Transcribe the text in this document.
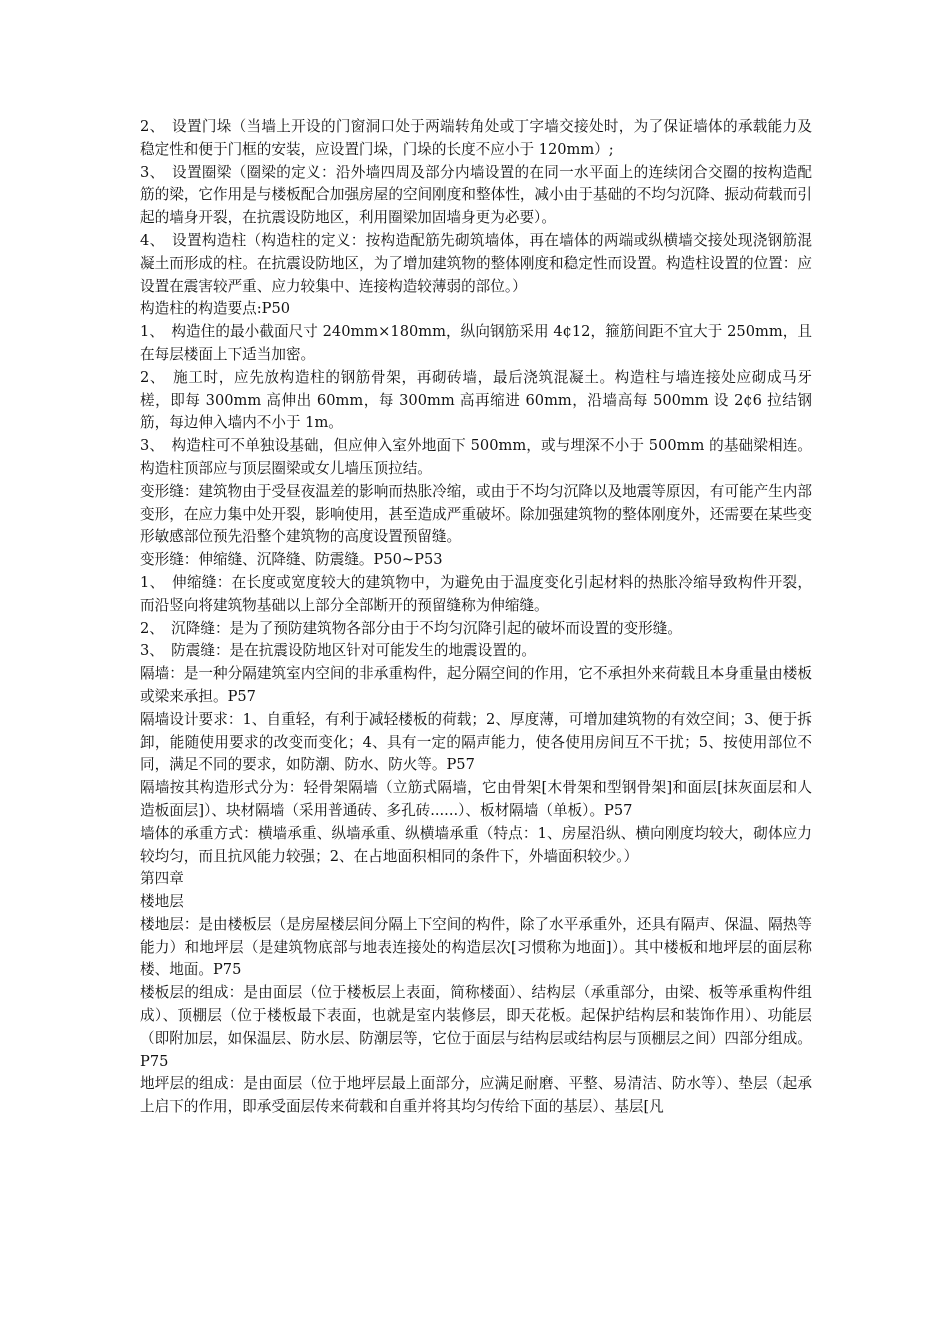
2、　设置门垛（当墙上开设的门窗洞口处于两端转角处或丁字墙交接处时，为了保证墙体的承载能力及稳定性和便于门框的安装，应设置门垛，门垛的长度不应小于 120mm）;

3、　设置圈梁（圈梁的定义：沿外墙四周及部分内墙设置的在同一水平面上的连续闭合交圈的按构造配筋的梁，它作用是与楼板配合加强房屋的空间刚度和整体性，减小由于基础的不均匀沉降、振动荷载而引起的墙身开裂，在抗震设防地区，利用圈梁加固墙身更为必要）。

4、　设置构造柱（构造柱的定义：按构造配筋先砌筑墙体，再在墙体的两端或纵横墙交接处现浇钢筋混凝土而形成的柱。在抗震设防地区，为了增加建筑物的整体刚度和稳定性而设置。构造柱设置的位置：应设置在震害较严重、应力较集中、连接构造较薄弱的部位。）

构造柱的构造要点:P50

1、　构造住的最小截面尺寸 240mm×180mm，纵向钢筋采用 4¢12，箍筋间距不宜大于 250mm，且在每层楼面上下适当加密。

2、　施工时，应先放构造柱的钢筋骨架，再砌砖墙，最后浇筑混凝土。构造柱与墙连接处应砌成马牙槎，即每 300mm 高伸出 60mm，每 300mm 高再缩进 60mm，沿墙高每 500mm 设 2¢6 拉结钢筋，每边伸入墙内不小于 1m。

3、　构造柱可不单独设基础，但应伸入室外地面下 500mm，或与埋深不小于 500mm 的基础梁相连。构造柱顶部应与顶层圈梁或女儿墙压顶拉结。

变形缝：建筑物由于受昼夜温差的影响而热胀冷缩，或由于不均匀沉降以及地震等原因，有可能产生内部变形，在应力集中处开裂，影响使用，甚至造成严重破坏。除加强建筑物的整体刚度外，还需要在某些变形敏感部位预先沿整个建筑物的高度设置预留缝。

变形缝：伸缩缝、沉降缝、防震缝。P50~P53

1、　伸缩缝：在长度或宽度较大的建筑物中，为避免由于温度变化引起材料的热胀冷缩导致构件开裂，而沿竖向将建筑物基础以上部分全部断开的预留缝称为伸缩缝。

2、　沉降缝：是为了预防建筑物各部分由于不均匀沉降引起的破坏而设置的变形缝。

3、　防震缝：是在抗震设防地区针对可能发生的地震设置的。

隔墙：是一种分隔建筑室内空间的非承重构件，起分隔空间的作用，它不承担外来荷载且本身重量由楼板或梁来承担。P57

隔墙设计要求：1、自重轻，有利于减轻楼板的荷载；2、厚度薄，可增加建筑物的有效空间；3、便于拆卸，能随使用要求的改变而变化；4、具有一定的隔声能力，使各使用房间互不干扰；5、按使用部位不同，满足不同的要求，如防潮、防水、防火等。P57

隔墙按其构造形式分为：轻骨架隔墙（立筋式隔墙，它由骨架[木骨架和型钢骨架]和面层[抹灰面层和人造板面层]）、块材隔墙（采用普通砖、多孔砖......）、板材隔墙（单板）。P57

墙体的承重方式：横墙承重、纵墙承重、纵横墙承重（特点：1、房屋沿纵、横向刚度均较大，砌体应力较均匀，而且抗风能力较强；2、在占地面积相同的条件下，外墙面积较少。）

第四章

楼地层

楼地层：是由楼板层（是房屋楼层间分隔上下空间的构件，除了水平承重外，还具有隔声、保温、隔热等能力）和地坪层（是建筑物底部与地表连接处的构造层次[习惯称为地面]）。其中楼板和地坪层的面层称楼、地面。P75

楼板层的组成：是由面层（位于楼板层上表面，简称楼面）、结构层（承重部分，由梁、板等承重构件组成）、顶棚层（位于楼板最下表面，也就是室内装修层，即天花板。起保护结构层和装饰作用）、功能层（即附加层，如保温层、防水层、防潮层等，它位于面层与结构层或结构层与顶棚层之间）四部分组成。P75

地坪层的组成：是由面层（位于地坪层最上面部分，应满足耐磨、平整、易清洁、防水等）、垫层（起承上启下的作用，即承受面层传来荷载和自重并将其均匀传给下面的基层）、基层[凡
